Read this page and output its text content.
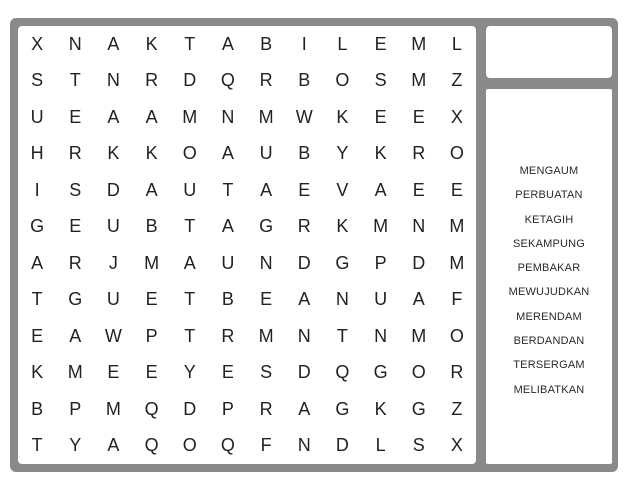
X	N	A	K	T	A	B	I	L	E	M	L
S	T	N	R	D	Q	R	B	O	S	M	Z
U	E	A	A	M	N	M	W	K	E	E	X
H	R	K	K	O	A	U	B	Y	K	R	O
I	S	D	A	U	T	A	E	V	A	E	E
G	E	U	B	T	A	G	R	K	M	N	M
A	R	J	M	A	U	N	D	G	P	D	M
T	G	U	E	T	B	E	A	N	U	A	F
E	A	W	P	T	R	M	N	T	N	M	O
K	M	E	E	Y	E	S	D	Q	G	O	R
B	P	M	Q	D	P	R	A	G	K	G	Z
T	Y	A	Q	O	Q	F	N	D	L	S	X
MENGAUM
PERBUATAN
KETAGIH
SEKAMPUNG
PEMBAKAR
MEWUJUDKAN
MERENDAM
BERDANDAN
TERSERGAM
MELIBATKAN
